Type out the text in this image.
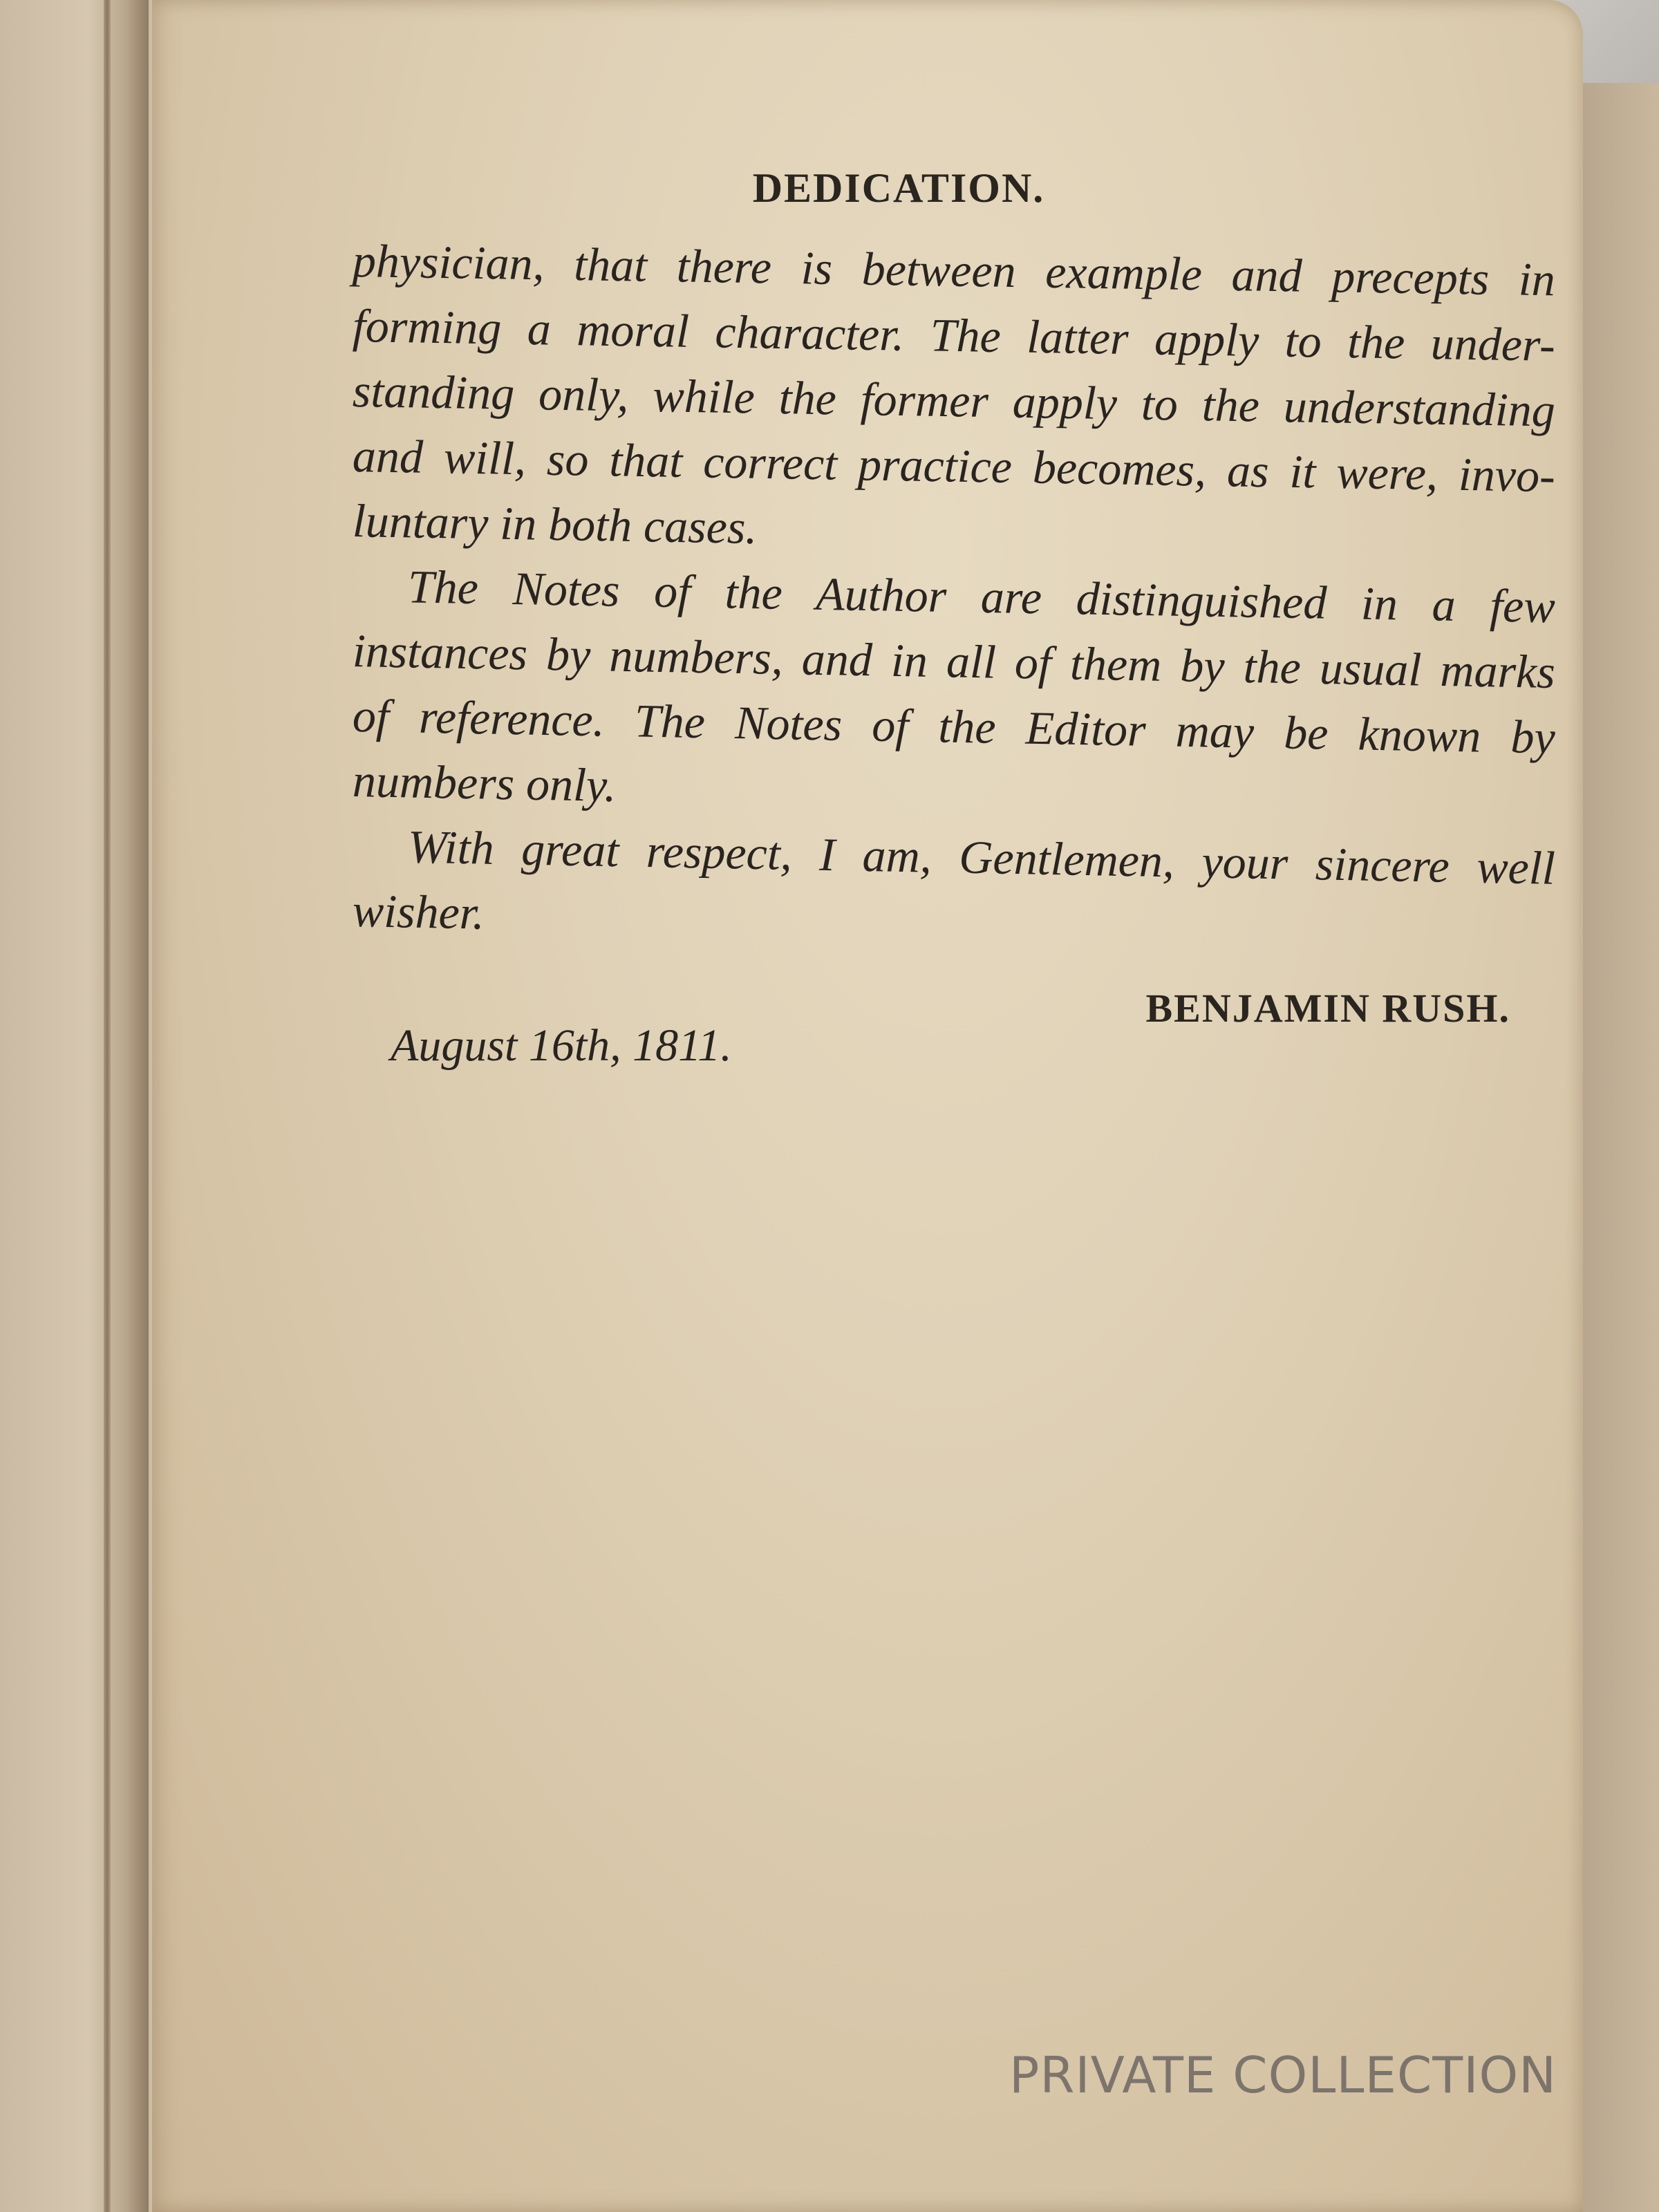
DEDICATION.
physician, that there is between example and precepts in
forming a moral character. The latter apply to the under-
standing only, while the former apply to the understanding
and will, so that correct practice becomes, as it were, invo-
luntary in both cases.
The Notes of the Author are distinguished in a few
instances by numbers, and in all of them by the usual marks
of reference. The Notes of the Editor may be known by
numbers only.
With great respect, I am, Gentlemen, your sincere well
wisher.
BENJAMIN RUSH.
August 16th, 1811.
PRIVATE COLLECTION
